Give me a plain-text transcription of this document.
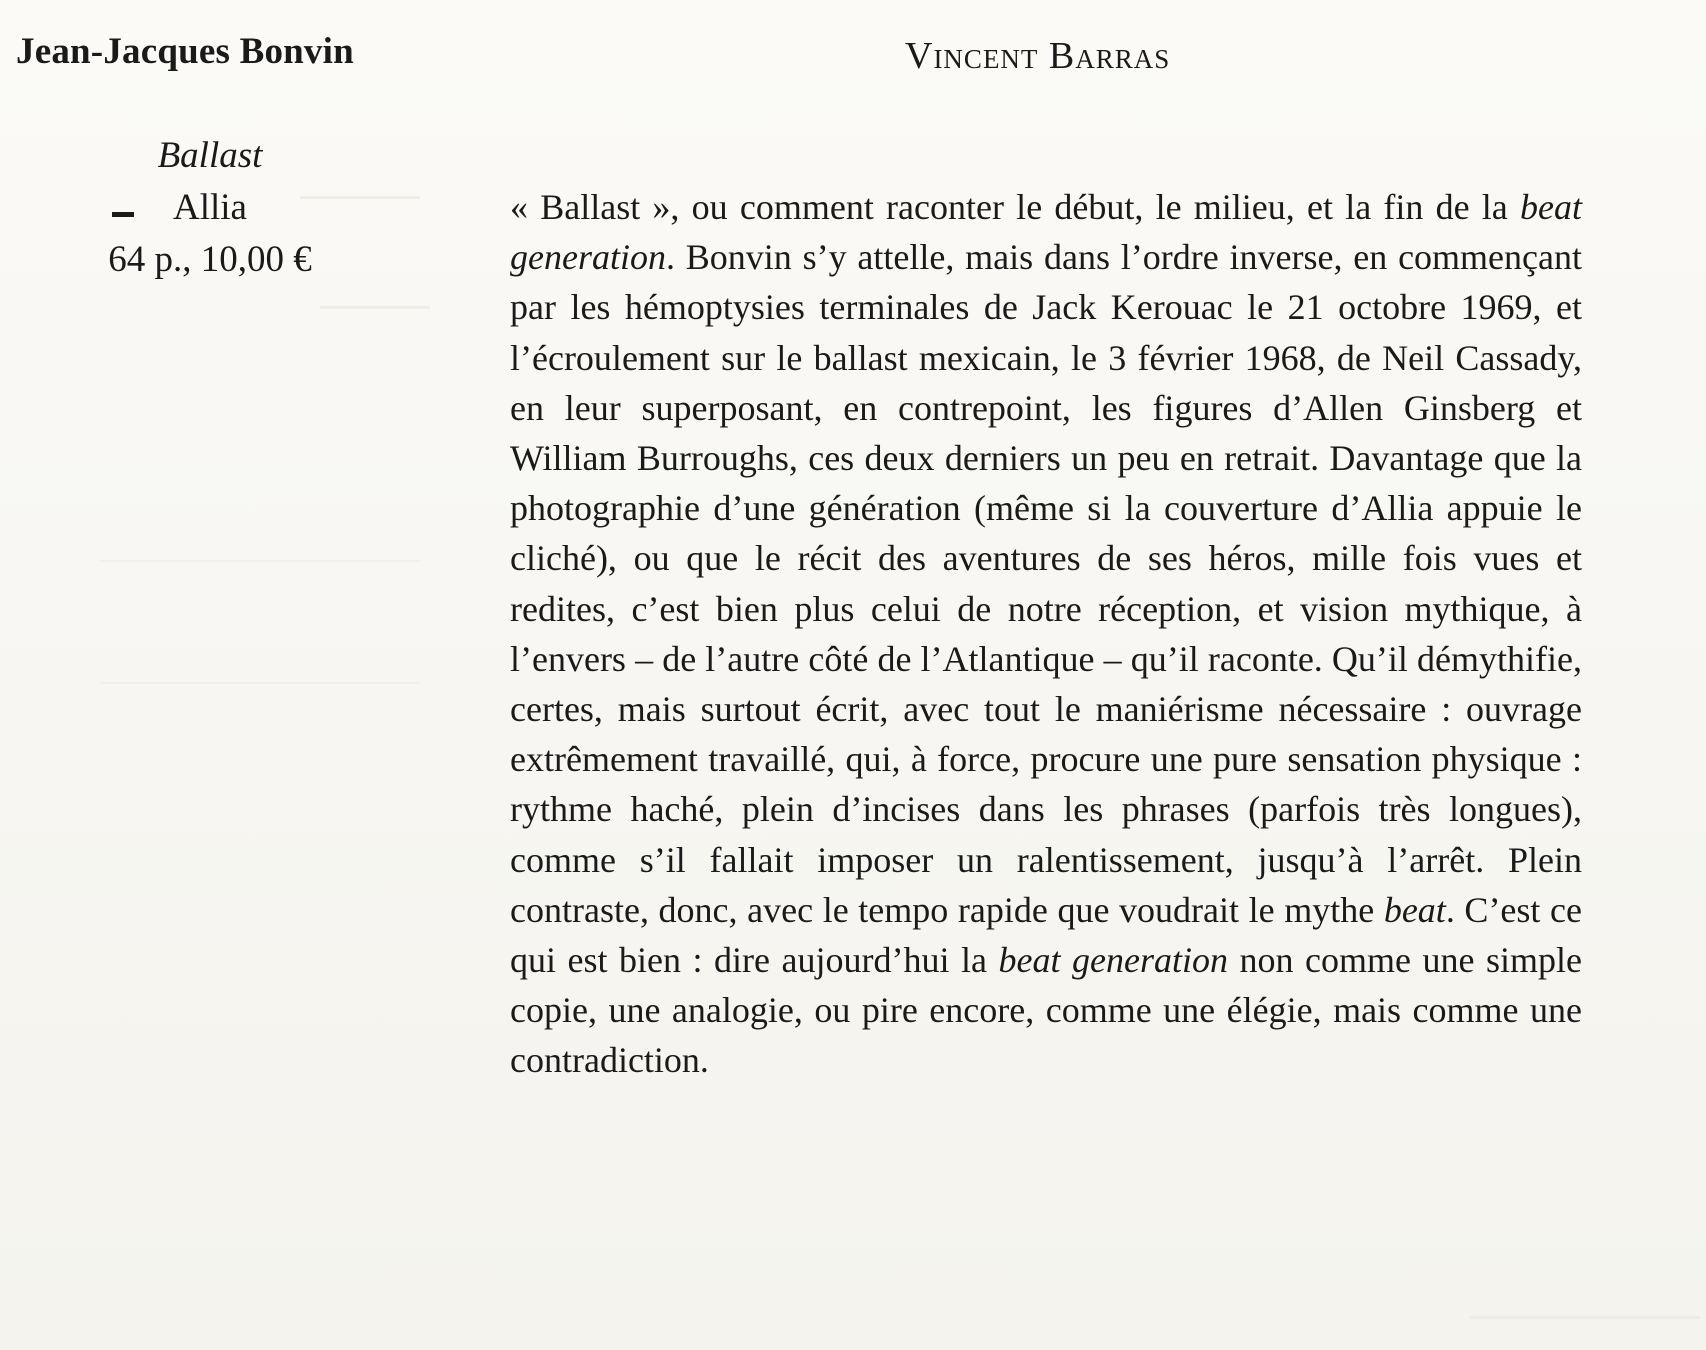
Jean-Jacques Bonvin	Vincent Barras
Ballast
Allia
64 p., 10,00 €

« Ballast », ou comment raconter le début, le milieu, et la fin de la beat generation. Bonvin s’y attelle, mais dans l’ordre inverse, en commençant par les hémoptysies terminales de Jack Kerouac le 21 octobre 1969, et l’écroulement sur le ballast mexicain, le 3 février 1968, de Neil Cassady, en leur superposant, en contrepoint, les figures d’Allen Ginsberg et William Burroughs, ces deux derniers un peu en retrait. Davantage que la photographie d’une génération (même si la couverture d’Allia appuie le cliché), ou que le récit des aventures de ses héros, mille fois vues et redites, c’est bien plus celui de notre réception, et vision mythique, à l’envers – de l’autre côté de l’Atlantique – qu’il raconte. Qu’il démythifie, certes, mais surtout écrit, avec tout le maniérisme nécessaire : ouvrage extrêmement travaillé, qui, à force, procure une pure sensation physique : rythme haché, plein d’incises dans les phrases (parfois très longues), comme s’il fallait imposer un ralentissement, jusqu’à l’arrêt. Plein contraste, donc, avec le tempo rapide que voudrait le mythe beat. C’est ce qui est bien : dire aujourd’hui la beat generation non comme une simple copie, une analogie, ou pire encore, comme une élégie, mais comme une contradiction.
